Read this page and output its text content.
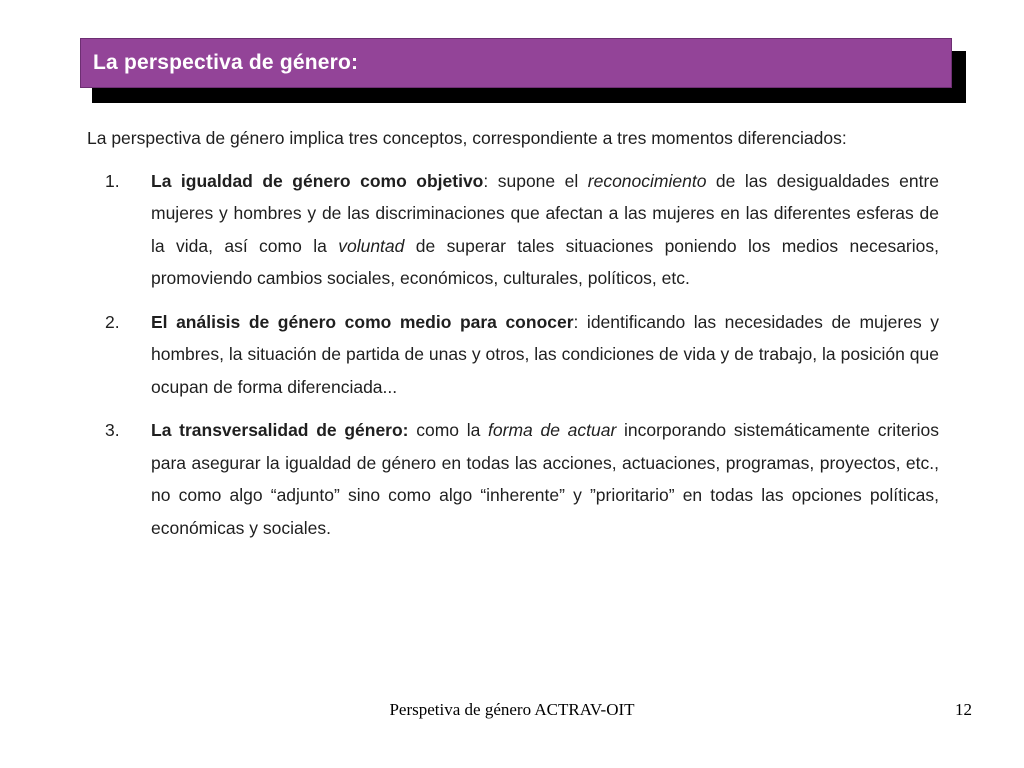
La perspectiva de género:

La perspectiva de género implica tres conceptos, correspondiente a tres momentos diferenciados:

1.	La igualdad de género como objetivo: supone el reconocimiento de las desigualdades entre mujeres y hombres y de las discriminaciones que afectan a las mujeres en las diferentes esferas de la vida, así como la voluntad de superar tales situaciones poniendo los medios necesarios, promoviendo cambios sociales, económicos, culturales, políticos, etc.
2.	El análisis de género como medio para conocer: identificando las necesidades de mujeres y hombres, la situación de partida de unas y otros, las condiciones de vida y de trabajo, la posición que ocupan de forma diferenciada...
3.	La transversalidad de género: como la forma de actuar incorporando sistemáticamente criterios para asegurar la igualdad de género en todas las acciones, actuaciones, programas, proyectos, etc., no como algo “adjunto” sino como algo “inherente” y ”prioritario” en todas las opciones políticas, económicas y sociales.
Perspetiva de género ACTRAV-OIT	12
